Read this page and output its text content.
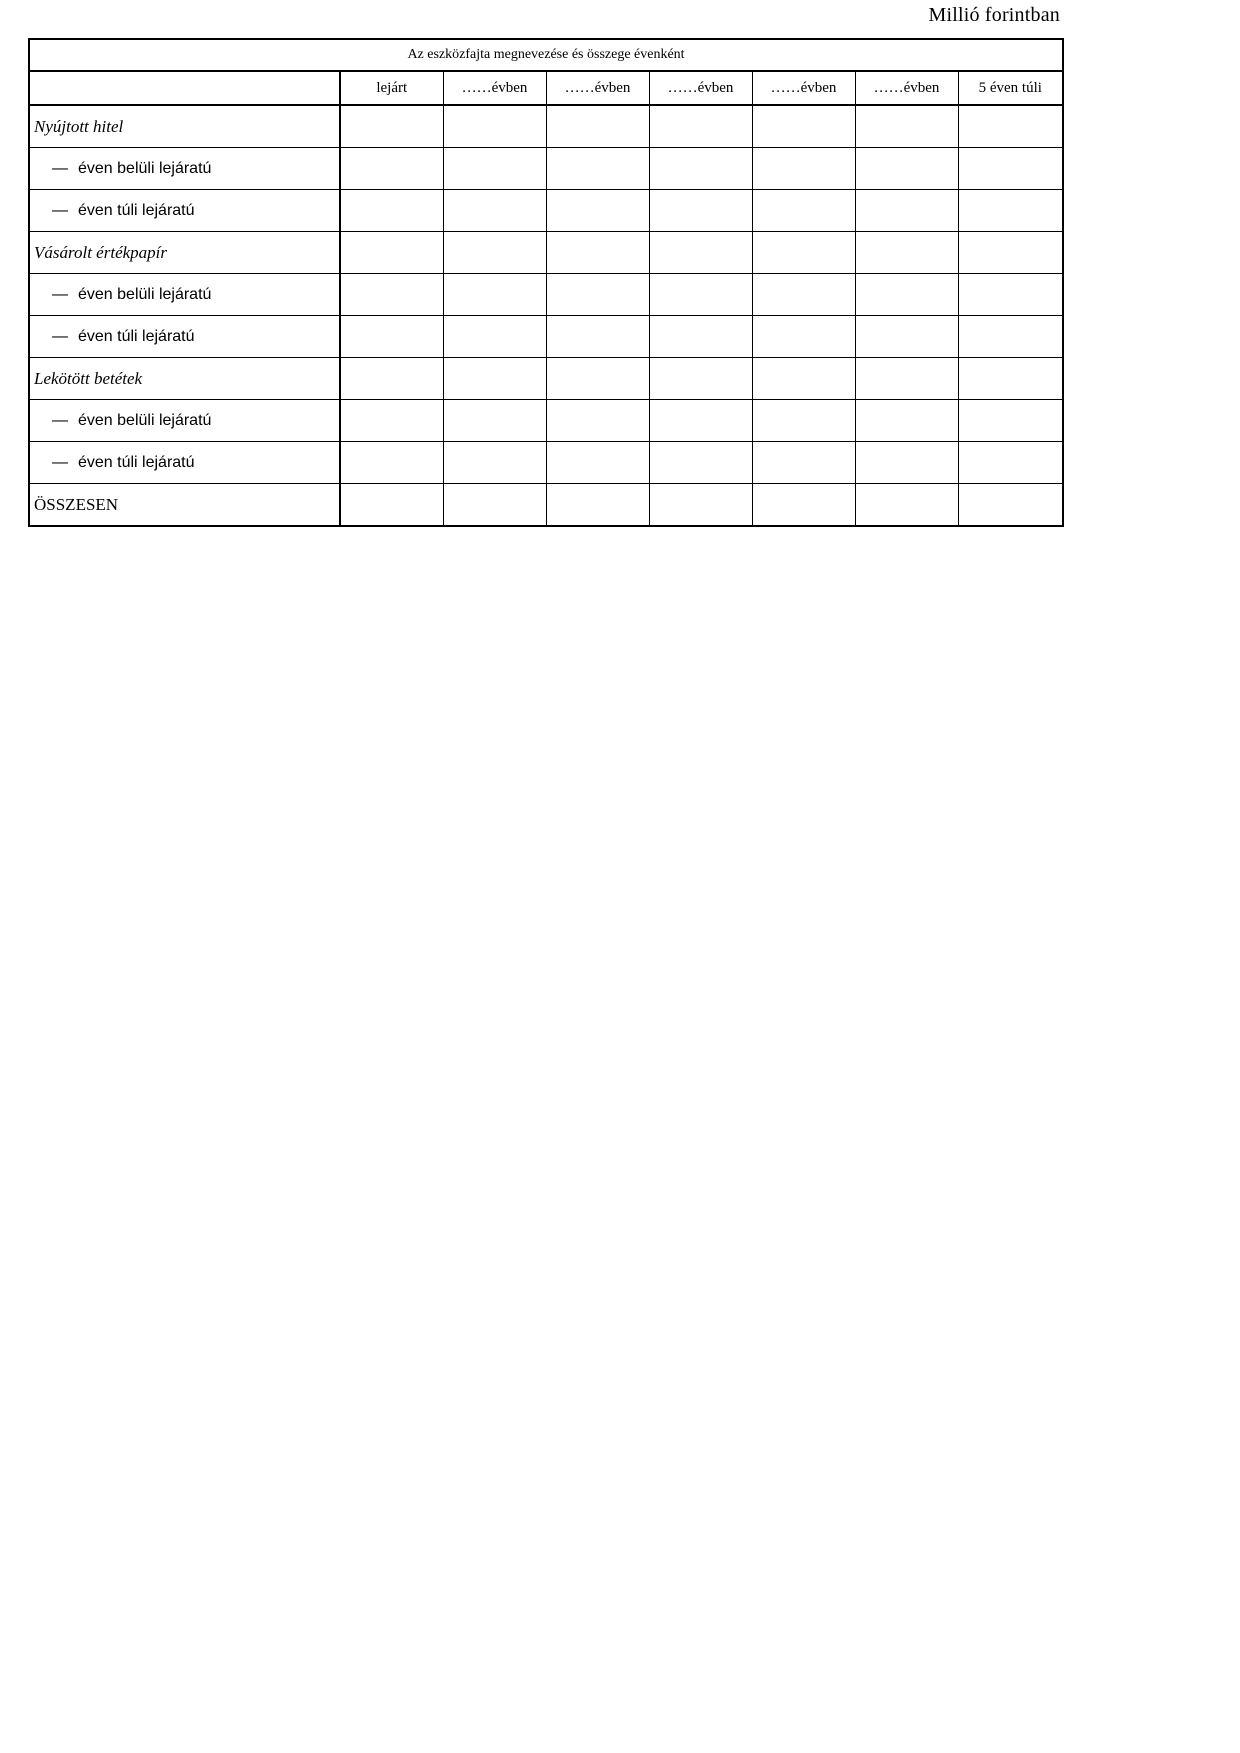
Millió forintban
Az eszközfajta megnevezése és összege évenként							
	lejárt	……évben	……évben	……évben	……évben	……évben	5 éven túli
Nyújtott hitel							
— éven belüli lejáratú							
— éven túli lejáratú							
Vásárolt értékpapír							
— éven belüli lejáratú							
— éven túli lejáratú							
Lekötött betétek							
— éven belüli lejáratú							
— éven túli lejáratú							
ÖSSZESEN							
